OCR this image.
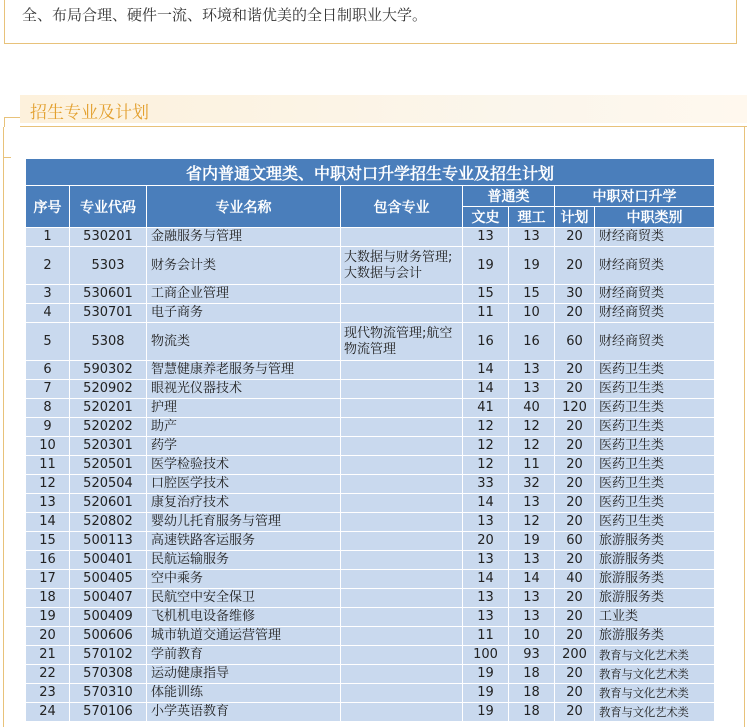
全、布局合理、硬件一流、环境和谐优美的全日制职业大学。
招生专业及计划
省内普通文理类、中职对口升学招生专业及招生计划							
序号	专业代码	专业名称	包含专业	普通类		中职对口升学	
				文史	理工	计划	中职类别
1	530201	金融服务与管理		13	13	20	财经商贸类
2	5303	财务会计类	大数据与财务管理;大数据与会计	19	19	20	财经商贸类
3	530601	工商企业管理		15	15	30	财经商贸类
4	530701	电子商务		11	10	20	财经商贸类
5	5308	物流类	现代物流管理;航空物流管理	16	16	60	财经商贸类
6	590302	智慧健康养老服务与管理		14	13	20	医药卫生类
7	520902	眼视光仪器技术		14	13	20	医药卫生类
8	520201	护理		41	40	120	医药卫生类
9	520202	助产		12	12	20	医药卫生类
10	520301	药学		12	12	20	医药卫生类
11	520501	医学检验技术		12	11	20	医药卫生类
12	520504	口腔医学技术		33	32	20	医药卫生类
13	520601	康复治疗技术		14	13	20	医药卫生类
14	520802	婴幼儿托育服务与管理		13	12	20	医药卫生类
15	500113	高速铁路客运服务		20	19	60	旅游服务类
16	500401	民航运输服务		13	13	20	旅游服务类
17	500405	空中乘务		14	14	40	旅游服务类
18	500407	民航空中安全保卫		13	13	20	旅游服务类
19	500409	飞机机电设备维修		13	13	20	工业类
20	500606	城市轨道交通运营管理		11	10	20	旅游服务类
21	570102	学前教育		100	93	200	教育与文化艺术类
22	570308	运动健康指导		19	18	20	教育与文化艺术类
23	570310	体能训练		19	18	20	教育与文化艺术类
24	570106	小学英语教育		19	18	20	教育与文化艺术类
